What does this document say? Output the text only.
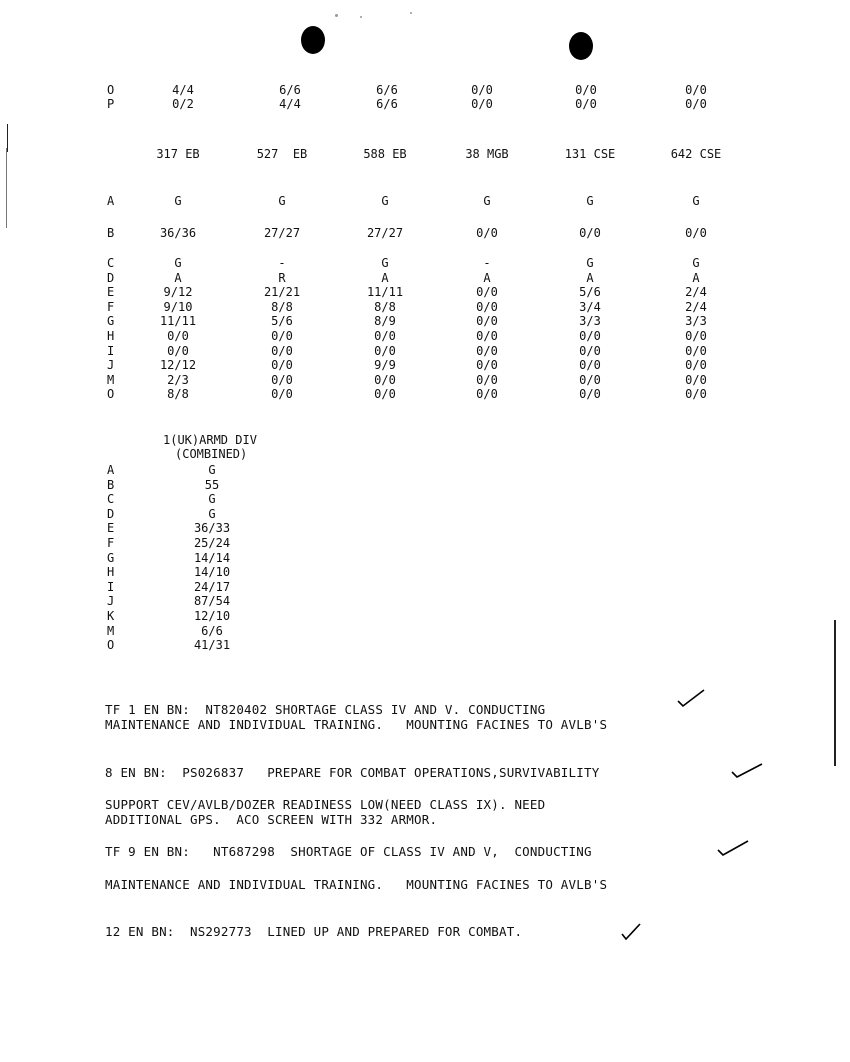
O	4/4	6/6	6/6	0/0	0/0	0/0
P	0/2	4/4	6/6	0/0	0/0	0/0
317 EB	527  EB	588 EB	38 MGB	131 CSE	642 CSE
A	G	G	G	G	G	G
B	36/36	27/27	27/27	0/0	0/0	0/0
C	G	-	G	-	G	G
D	A	R	A	A	A	A
E	9/12	21/21	11/11	0/0	5/6	2/4
F	9/10	8/8	8/8	0/0	3/4	2/4
G	11/11	5/6	8/9	0/0	3/3	3/3
H	0/0	0/0	0/0	0/0	0/0	0/0
I	0/0	0/0	0/0	0/0	0/0	0/0
J	12/12	0/0	9/9	0/0	0/0	0/0
M	2/3	0/0	0/0	0/0	0/0	0/0
O	8/8	0/0	0/0	0/0	0/0	0/0
1(UK)ARMD DIV
(COMBINED)
A	G
B	55
C	G
D	G
E	36/33
F	25/24
G	14/14
H	14/10
I	24/17
J	87/54
K	12/10
M	6/6
O	41/31
TF 1 EN BN:  NT820402 SHORTAGE CLASS IV AND V. CONDUCTING
MAINTENANCE AND INDIVIDUAL TRAINING.   MOUNTING FACINES TO AVLB'S
8 EN BN:  PS026837   PREPARE FOR COMBAT OPERATIONS,SURVIVABILITY
SUPPORT CEV/AVLB/DOZER READINESS LOW(NEED CLASS IX). NEED
ADDITIONAL GPS.  ACO SCREEN WITH 332 ARMOR.
TF 9 EN BN:   NT687298  SHORTAGE OF CLASS IV AND V,  CONDUCTING
MAINTENANCE AND INDIVIDUAL TRAINING.   MOUNTING FACINES TO AVLB'S
12 EN BN:  NS292773  LINED UP AND PREPARED FOR COMBAT.
